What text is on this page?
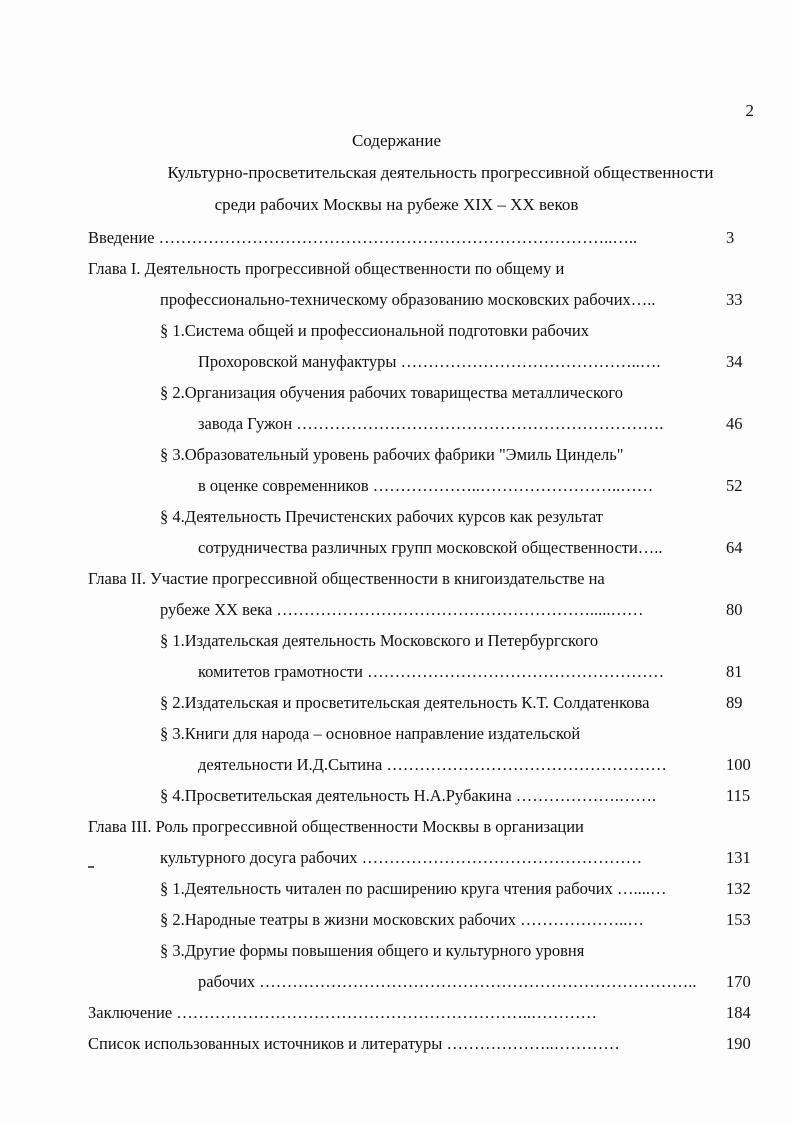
2
Содержание
Культурно-просветительская деятельность прогрессивной общественности
среди рабочих Москвы на рубеже XIX – XX веков
Введение ………………………………………………………………………..…..	3
Глава I. Деятельность прогрессивной общественности по общему и
профессионально-техническому образованию московских рабочих…..	33
§ 1.Система общей и профессиональной подготовки рабочих
Прохоровской мануфактуры ……………………………………..….	34
§ 2.Организация обучения рабочих товарищества металлического
завода Гужон ………………………………………………………….	46
§ 3.Образовательный уровень рабочих фабрики "Эмиль Циндель"
в оценке современников ………………..……………………..……	52
§ 4.Деятельность Пречистенских рабочих курсов как результат
сотрудничества различных групп московской общественности…..	64
Глава II. Участие прогрессивной общественности в книгоиздательстве на
рубеже XX века ………………………………………………….....……	80
§ 1.Издательская деятельность Московского и Петербургского
комитетов грамотности ………………………………………………	81
§ 2.Издательская и просветительская деятельность К.Т. Солдатенкова	89
§ 3.Книги для народа – основное направление издательской
деятельности И.Д.Сытина ……………………………………………	100
§ 4.Просветительская деятельность Н.А.Рубакина ……………….…….	115
Глава III. Роль прогрессивной общественности Москвы в организации
культурного досуга рабочих ……………………………………………	131
§ 1.Деятельность читален по расширению круга чтения рабочих …....…	132
§ 2.Народные театры в жизни московских рабочих ………………..…	153
§ 3.Другие формы повышения общего и культурного уровня
рабочих …………………………………………………………………….. 170
Заключение ………………………………………………………..…………	184
Список использованных источников и литературы ………………..…………	190
